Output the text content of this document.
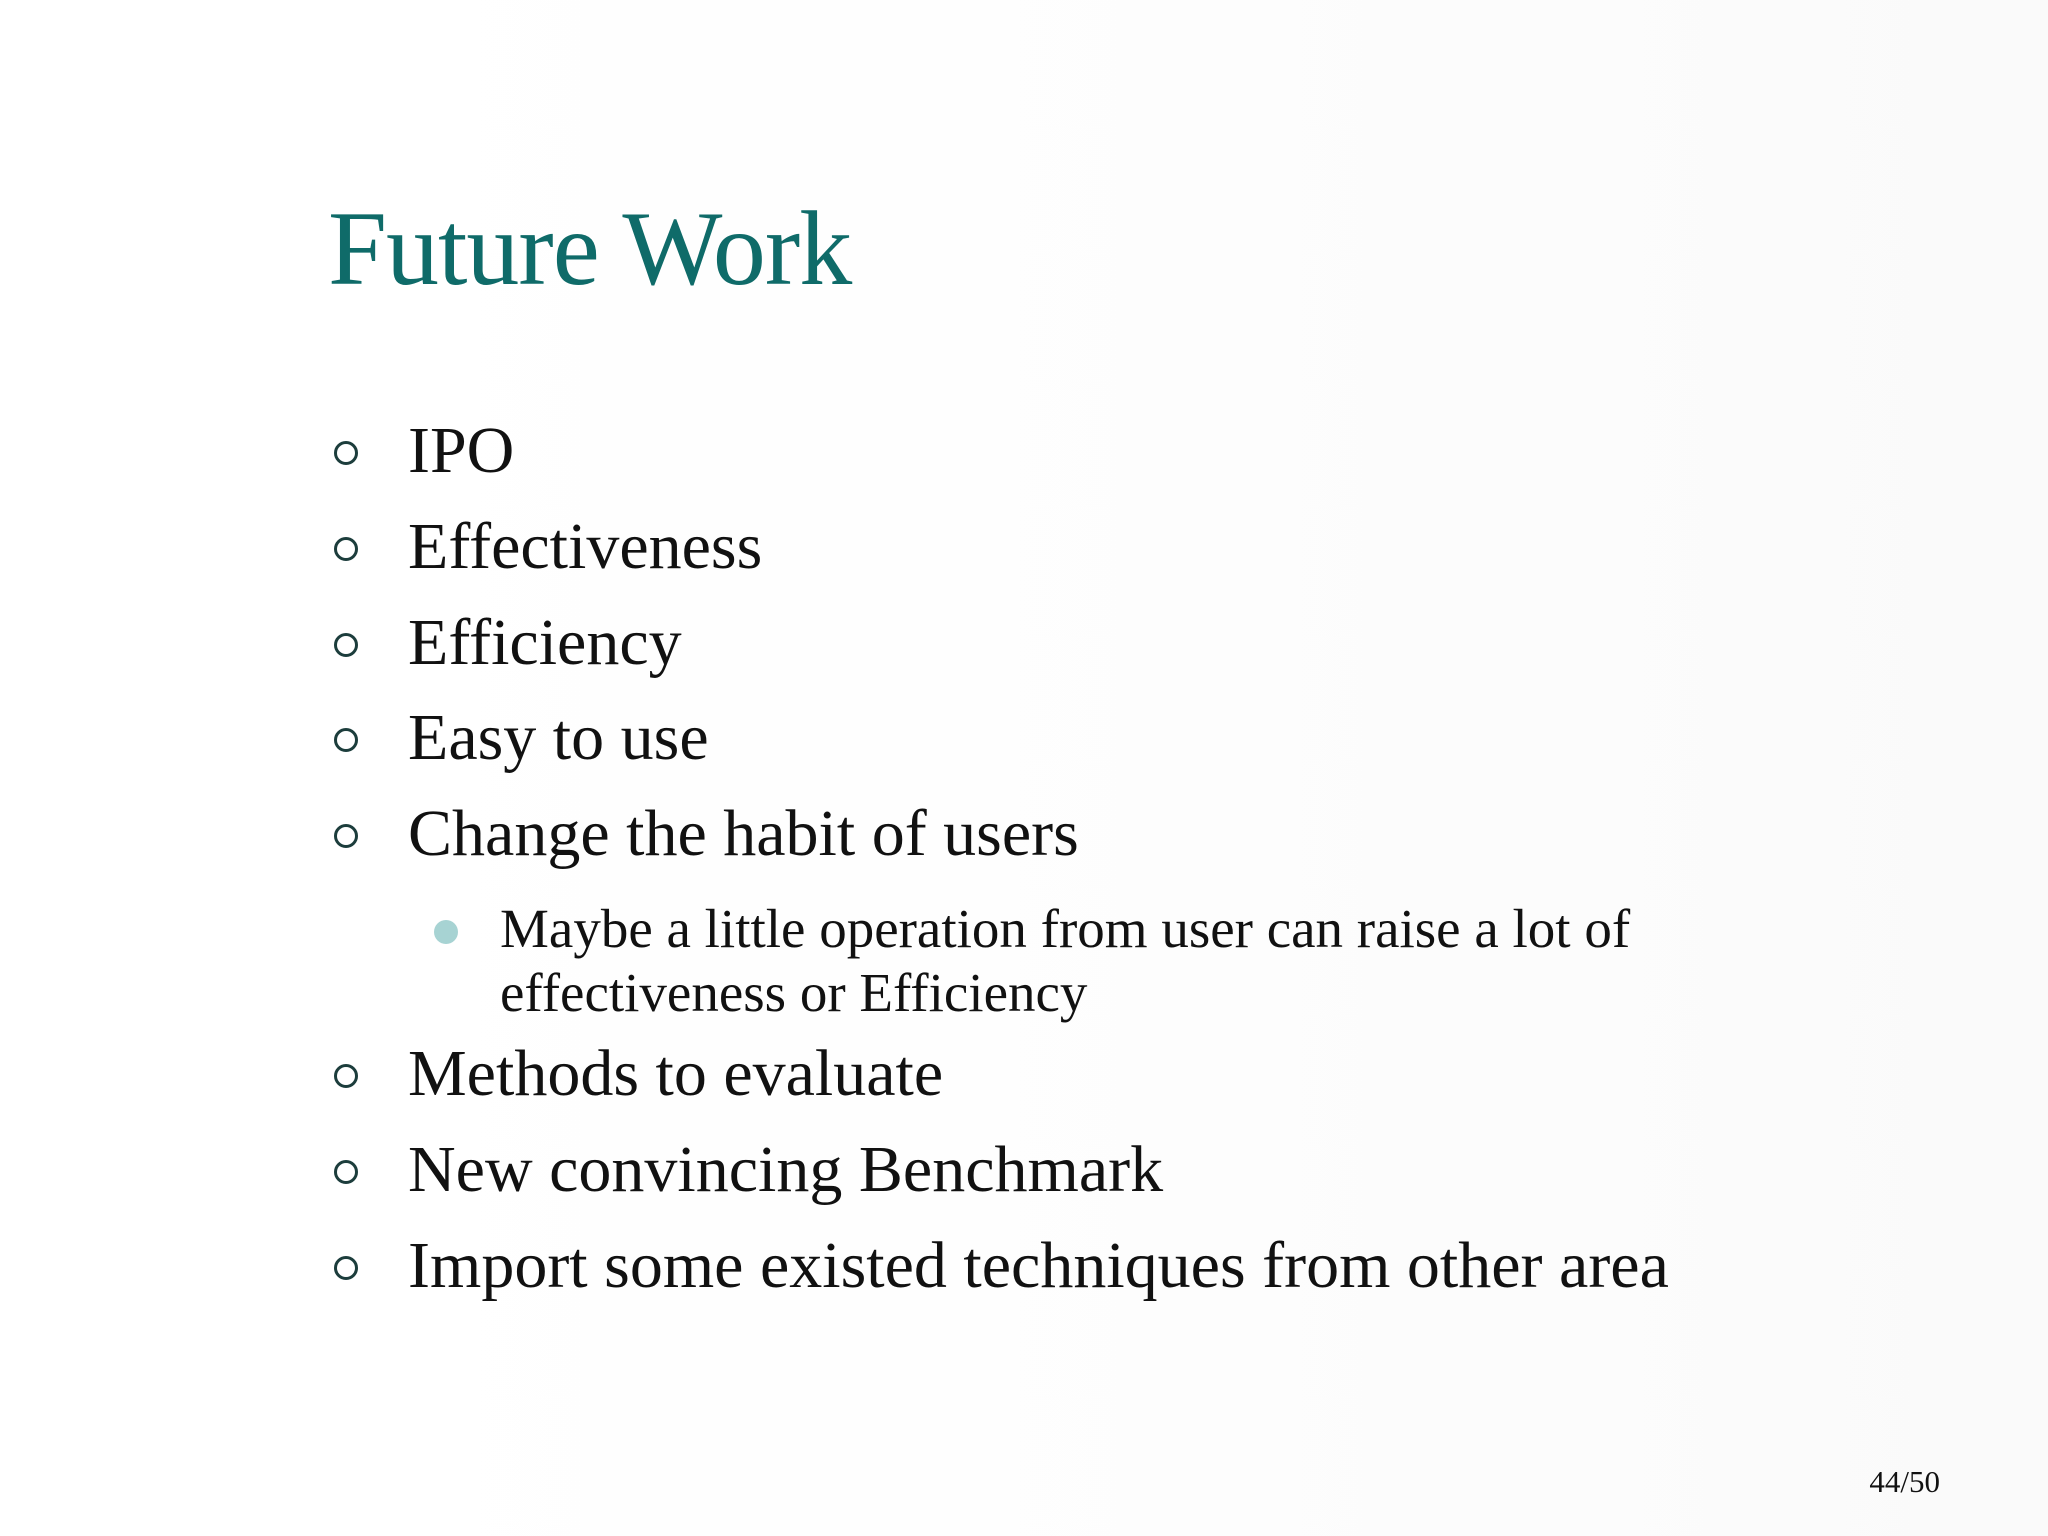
Future Work
IPO
Effectiveness
Efficiency
Easy to use
Change the habit of users
Maybe a little operation from user can raise a lot of
effectiveness or Efficiency
Methods to evaluate
New convincing Benchmark
Import some existed techniques from other area
44/50
